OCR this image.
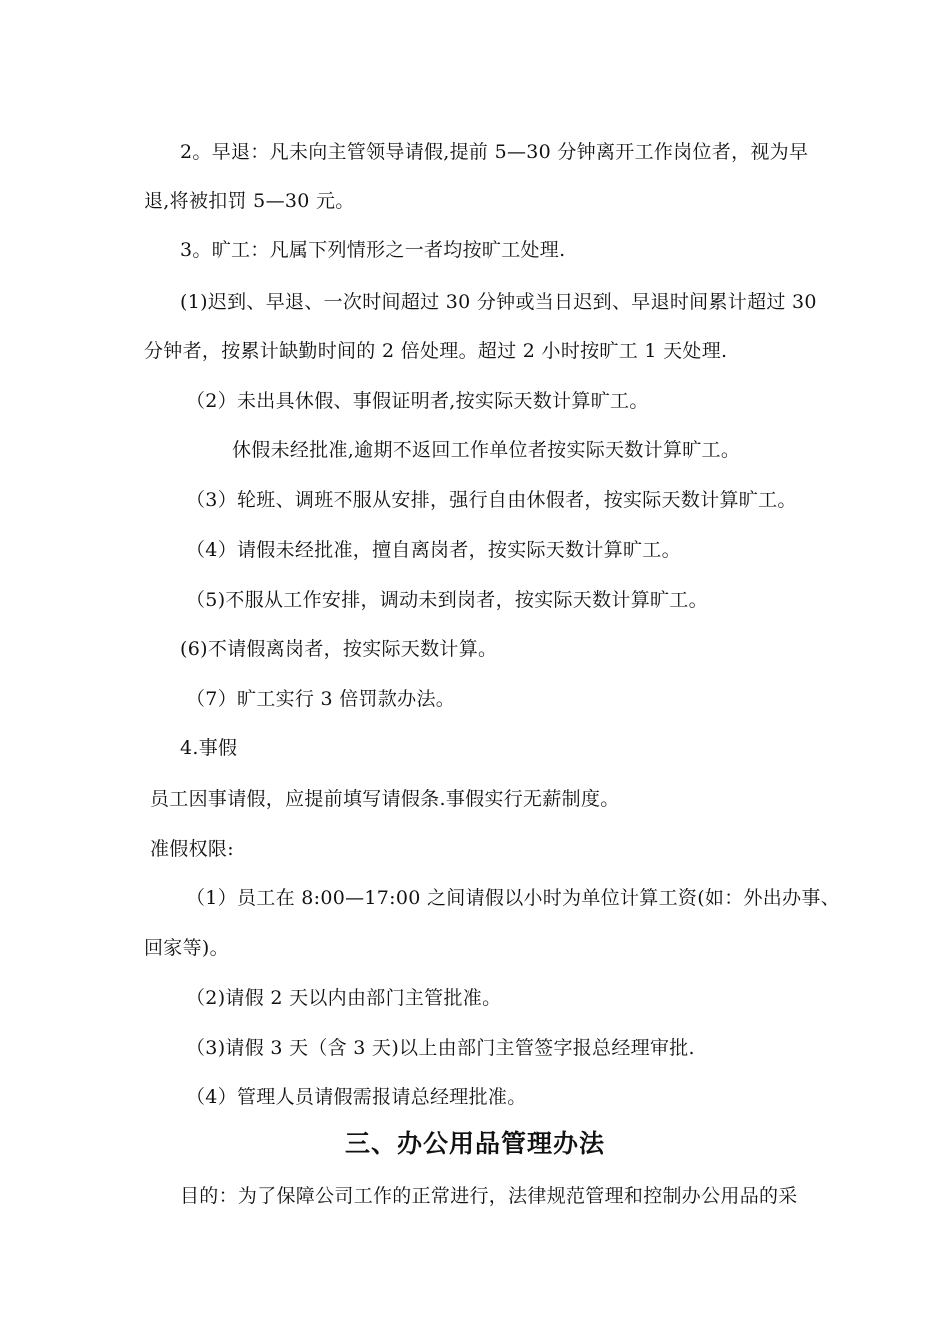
2。早退：凡未向主管领导请假,提前 5—30 分钟离开工作岗位者，视为早
退,将被扣罚 5—30 元。
3。旷工：凡属下列情形之一者均按旷工处理.
(1)迟到、早退、一次时间超过 30 分钟或当日迟到、早退时间累计超过 30
分钟者，按累计缺勤时间的 2 倍处理。超过 2 小时按旷工 1 天处理.
（2）未出具休假、事假证明者,按实际天数计算旷工。
休假未经批准,逾期不返回工作单位者按实际天数计算旷工。
（3）轮班、调班不服从安排，强行自由休假者，按实际天数计算旷工。
（4）请假未经批准，擅自离岗者，按实际天数计算旷工。
（5)不服从工作安排，调动未到岗者，按实际天数计算旷工。
(6)不请假离岗者，按实际天数计算。
（7）旷工实行 3 倍罚款办法。
4.事假
员工因事请假，应提前填写请假条.事假实行无薪制度。
准假权限:
（1）员工在 8:00—17:00 之间请假以小时为单位计算工资(如：外出办事、
回家等)。
（2)请假 2 天以内由部门主管批准。
（3)请假 3 天（含 3 天)以上由部门主管签字报总经理审批.
（4）管理人员请假需报请总经理批准。
三、办公用品管理办法
目的：为了保障公司工作的正常进行，法律规范管理和控制办公用品的采
